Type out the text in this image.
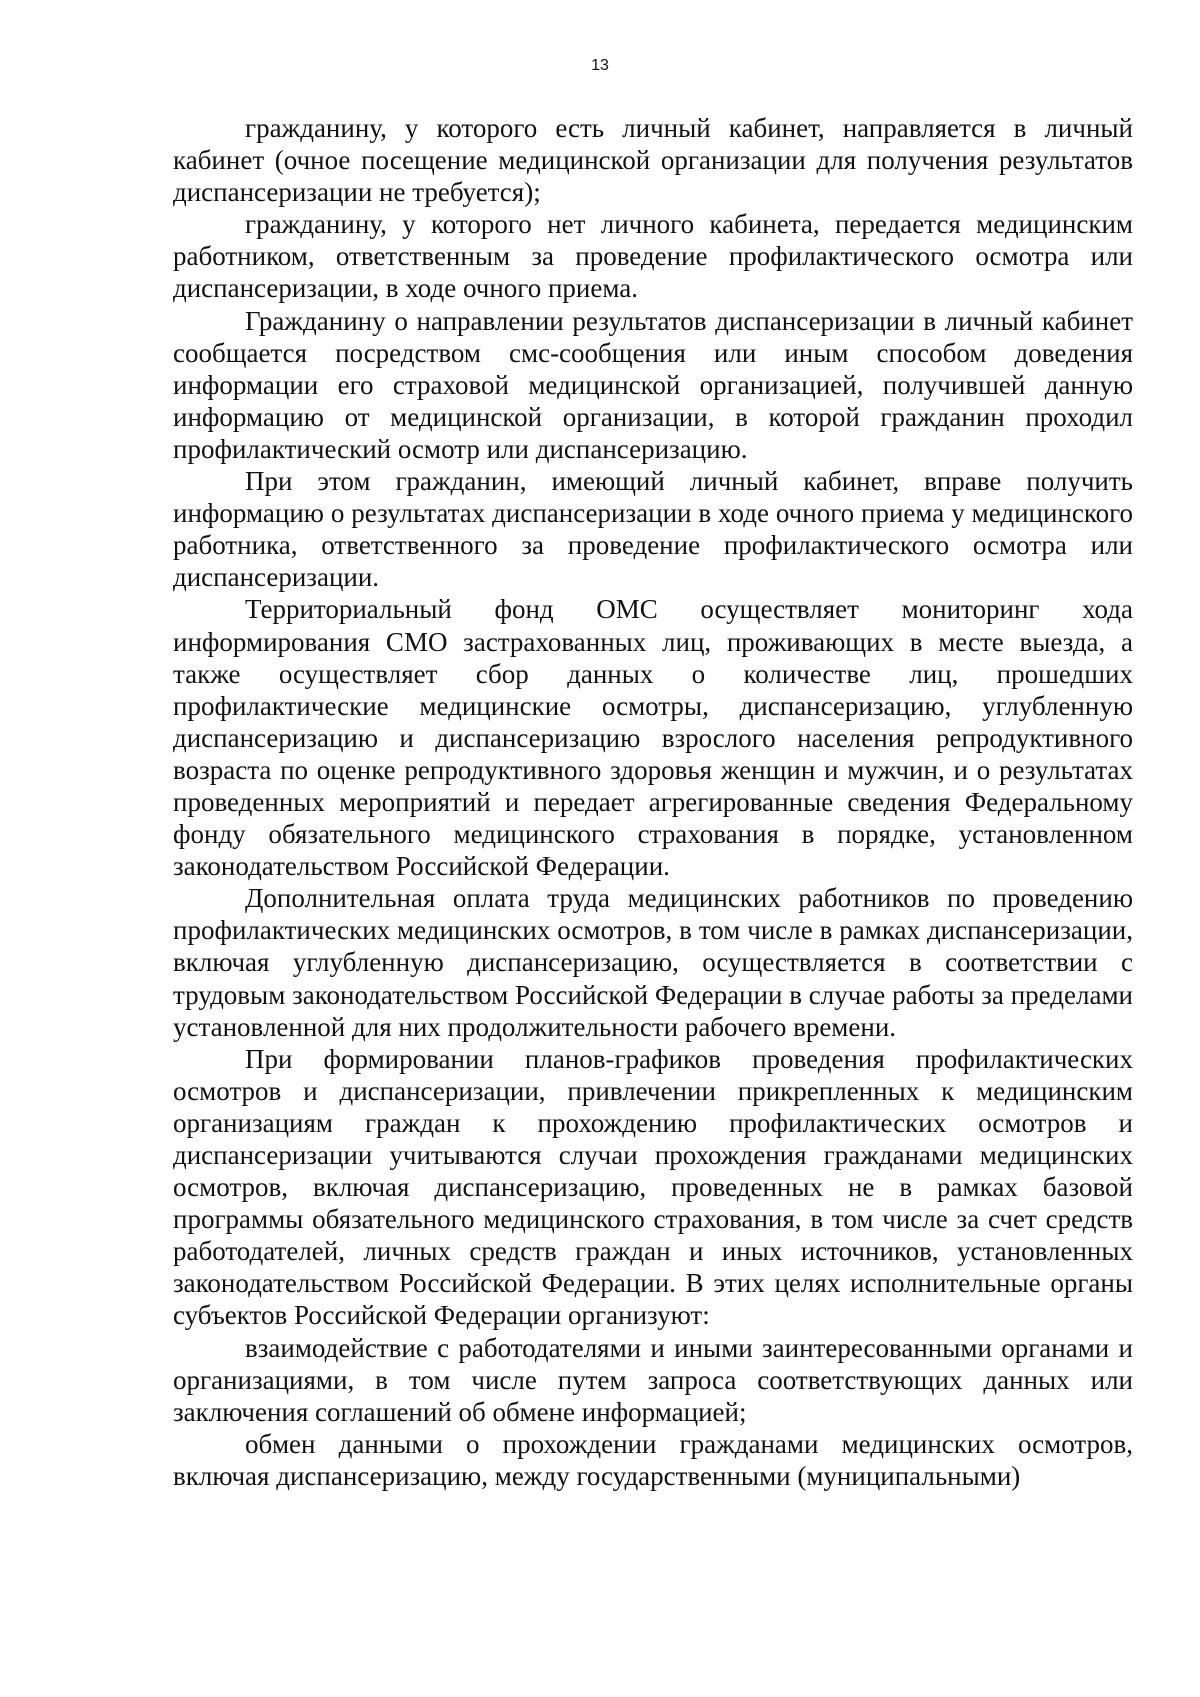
13

гражданину, у которого есть личный кабинет, направляется в личный кабинет (очное посещение медицинской организации для получения результатов диспансеризации не требуется);

гражданину, у которого нет личного кабинета, передается медицинским работником, ответственным за проведение профилактического осмотра или диспансеризации, в ходе очного приема.

Гражданину о направлении результатов диспансеризации в личный кабинет сообщается посредством смс-сообщения или иным способом доведения информации его страховой медицинской организацией, получившей данную информацию от медицинской организации, в которой гражданин проходил профилактический осмотр или диспансеризацию.

При этом гражданин, имеющий личный кабинет, вправе получить информацию о результатах диспансеризации в ходе очного приема у медицинского работника, ответственного за проведение профилактического осмотра или диспансеризации.

Территориальный фонд ОМС осуществляет мониторинг хода информирования СМО застрахованных лиц, проживающих в месте выезда, а также осуществляет сбор данных о количестве лиц, прошедших профилактические медицинские осмотры, диспансеризацию, углубленную диспансеризацию и диспансеризацию взрослого населения репродуктивного возраста по оценке репродуктивного здоровья женщин и мужчин, и о результатах проведенных мероприятий и передает агрегированные сведения Федеральному фонду обязательного медицинского страхования в порядке, установленном законодательством Российской Федерации.

Дополнительная оплата труда медицинских работников по проведению профилактических медицинских осмотров, в том числе в рамках диспансеризации, включая углубленную диспансеризацию, осуществляется в соответствии с трудовым законодательством Российской Федерации в случае работы за пределами установленной для них продолжительности рабочего времени.

При формировании планов-графиков проведения профилактических осмотров и диспансеризации, привлечении прикрепленных к медицинским организациям граждан к прохождению профилактических осмотров и диспансеризации учитываются случаи прохождения гражданами медицинских осмотров, включая диспансеризацию, проведенных не в рамках базовой программы обязательного медицинского страхования, в том числе за счет средств работодателей, личных средств граждан и иных источников, установленных законодательством Российской Федерации. В этих целях исполнительные органы субъектов Российской Федерации организуют:

взаимодействие с работодателями и иными заинтересованными органами и организациями, в том числе путем запроса соответствующих данных или заключения соглашений об обмене информацией;

обмен данными о прохождении гражданами медицинских осмотров, включая диспансеризацию, между государственными (муниципальными)
